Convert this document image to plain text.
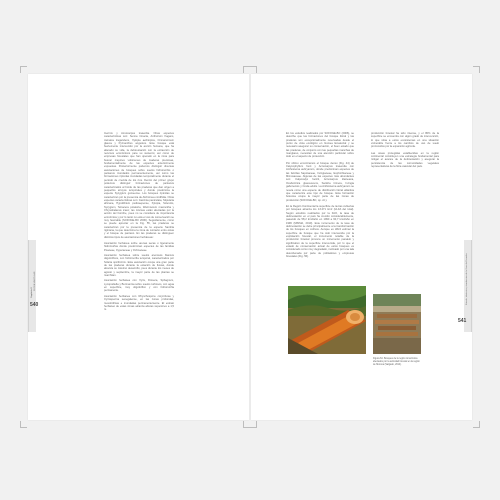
540
Capítulo II
FLORA VASCULAR

Inermis y Acnocarpus traserdia. Otras especies características son: Senna trinacia, Anthurium fragans, Jamaica tragandens, Xylopia aethiopica, Cinnamomum glauca y Pyrinanthus angustos. Este bosque está fuertemente intervenido por la acción humana, que ha alterado su vida, la deforestación con la extracción de recursos económicos para su sustento; así como de empresas forestales que han operado en la zona para buscar mayores volúmenes de maderas preciosas, fundamentalmente de las especies anteriormente expuestas. Posteriormente podemos distinguir diversas asociaciones de bosques sobre suelos hidromorfos o pantanos inundados permanentemente, así como las formaciones ripícolas inundadas temporalmente durante el período de crecida de los ríos. Dentro del primer grupo podemos distinguir formaciones de pantanos caracterizados al borde de las praderas que dan origen a pequeños arroyos temporales y donde predomina la especie Syzygium guineense. Los bosques ripícolas se caracterizan por la presencia de Alchornea cordifolia. Otras especies características son: Garcinia paniculata, Stipularia africana, Hypolithium pudicaepense, Xylopia, Sclerotis, Syzygium, Tetracera potatoria, Warmcetum macrantha y Chrysobalanus icaco; las mismas están afectadas por la acción del hombre, pues no se considera de importancia económica y por lo tanto no está el uso de conservación se muy favorable (SOFOGE-BC 2006). Seguidamente, como se puede apreciar en la Fig. 55, las praderas se caracterizan por la presencia de la especie Santiria riginiana, la que determina la zona de contacto entre éstas y el bosque de pantano. En las praderas se distinguen distintos tipos de asociaciones herbáceas:

Asociación herbácea sobre arenas secas o ligeramente hidromorfas donde predominan especies de las familias Poaceae, Cyperaceae y Ochnaceae.

Asociación herbácea sobre suelos arenosos blancos oligotróficos, con hidromorfía temporal, caracterizados por Sclaria spiciformis. Esta asociación ocupa una gran parte de las praderas durante la estación de lluvias, donde alcanza su máximo desarrollo, pues durante los meses de agosto y septiembre, la mayor parte de las plantas se marchitan.

Asociación herbácea con Xyris, Drosera, Sphagnum, Lycopodiella y Burmannia sobre suelos turbosos, con agua en superficie, muy oligotrófico y con hidromorfía permanente.

Asociación herbácea con Rhynchospora corymbosa y Cyrtosperma senegalense, en las zonas profundas, mesotróficas e inundadas permanentemente. El estrato herbáceo de estas zonas alcanza alturas superiores a 1,5 m.

541
Estado, dinámica y tendencias de la flora de Ecuador

En los estudios realizados por SOFOGE-BC (2006), se describe que las formaciones del bosque litoral y las praderas son excepcionalmente reservadas desde el punto de vista ecológico en Guinea Ecuatorial y se necesario asegurar su conservación, el buen estado que las praderas, de conjunto con las pequeñas manchas de manglares, necesitan de una atención particular sobre todo en el aspecto de protección.

Por último encontramos el bosque denso (Fig. 44) de Calycophyllum hunt y Acnocarpus trasendia con Anthostema aubryanum, donde predominan especies de las familias Sapotaceae, Irvingiaceae, Euphorbiaceae y Mimosaceae. Algunas de las especies más abundantes son: Calpocalyx heitzii, Acnocarpus klaineana, Oxabontrica glaucescens, Santiria trimera, Irvingia gabonensis y Coula edulis. La Anthostema aubryanum se revela como una especie de distribución litoral atlántica que caracteriza este tipo de bosque. Esta formación boscosa ocupa la mayor parte de las zonas de producción (SOFOGE-BC, op. cit.).

En la Región Continental la superficie de tierras cubiertas por bosques alcanza los 13.471 km2 (IA-FA del total). Según estudios realizados por la FAO, la tasa de deforestación en el país ha crecido considerablemente, pasando de 58,2 km2/año en 1990 a 90,7 km2/año en 1996 (MINMA, 2010). Este incremento de la tasa de deforestación se debe principalmente a la transformación de los bosques en cultivos. Aunque es difícil estimar la superficie de bosque que ha sido intervenida por la explotación forestal, el incremento notable de la producción forestal provoca un incremento paralelo y significativo de la superficie intervenida, por lo que el estado de conservación actual de estos bosques es considerado como muy degradado, motivado por una tala desordenada por parte de pobladores y empresas forestales (Fig. 56).

producción forestal ha sido intensa, y el 80% de la superficie se encuentra con algún grado de intervención, lo que sitúa a estos ecosistemas en una situación vulnerable frente a los cambios de uso de suelo promovidos por la expansión agrícola.

Las áreas protegidas establecidas en la región continental constituyen una estrategia fundamental para mitigar el avance de la deforestación y asegurar la persistencia de las comunidades vegetales representativas de la flora vascular del país.

Figura 64. Bosques de la región Amazónica afectados por la actividad forestal en la región de Morona (Salgado, 2014).
